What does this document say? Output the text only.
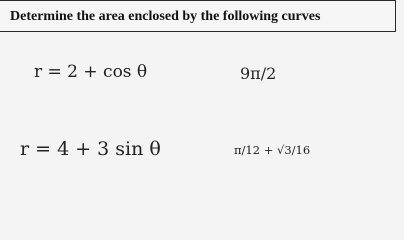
Determine the area enclosed by the following curves
r = 2 + cos θ	9π/2
r = 4 + 3 sin θ	π/12 + √3/16
